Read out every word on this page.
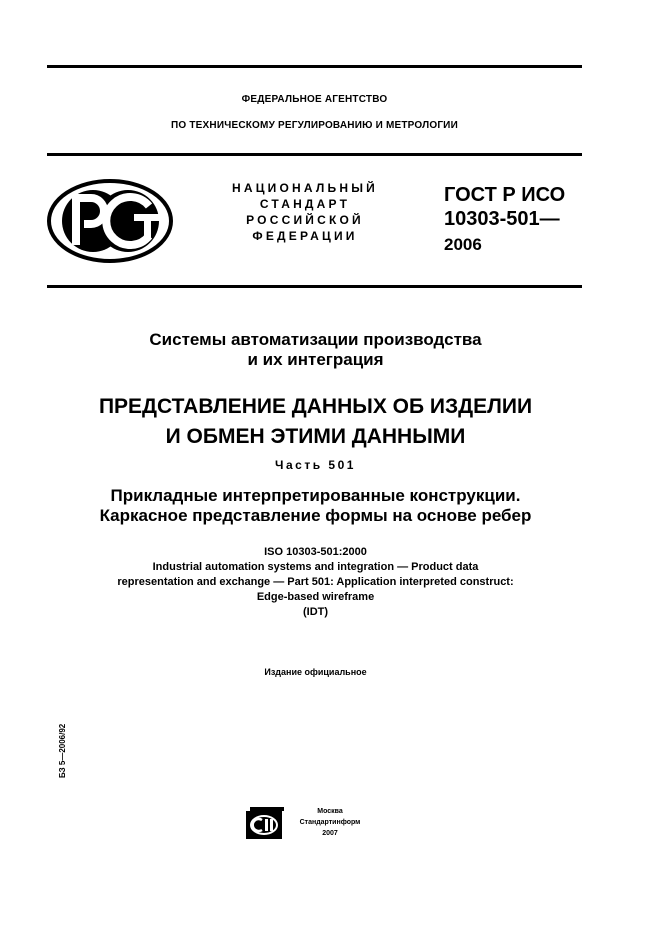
ФЕДЕРАЛЬНОЕ АГЕНТСТВО
ПО ТЕХНИЧЕСКОМУ РЕГУЛИРОВАНИЮ И МЕТРОЛОГИИ
НАЦИОНАЛЬНЫЙ
СТАНДАРТ
РОССИЙСКОЙ
ФЕДЕРАЦИИ
ГОСТ Р ИСО
10303-501—
2006
Системы автоматизации производства
и их интеграция
ПРЕДСТАВЛЕНИЕ ДАННЫХ ОБ ИЗДЕЛИИ
И ОБМЕН ЭТИМИ ДАННЫМИ
Часть 501
Прикладные интерпретированные конструкции.
Каркасное представление формы на основе ребер
ISO 10303-501:2000
Industrial automation systems and integration — Product data
representation and exchange — Part 501: Application interpreted construct:
Edge-based wireframe
(IDT)
Издание официальное
БЗ 5—2006/92
Москва
Стандартинформ
2007
